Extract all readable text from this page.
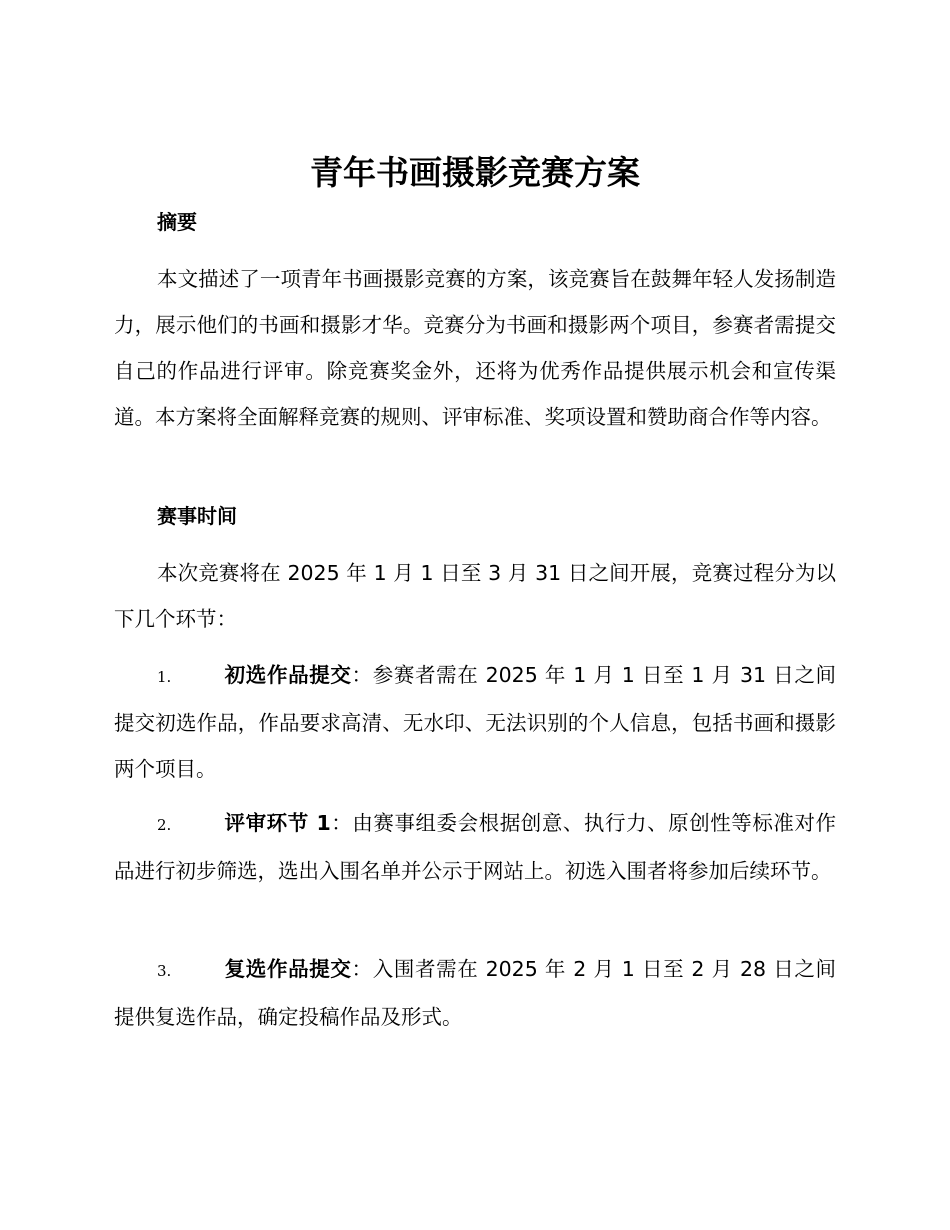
青年书画摄影竞赛方案
摘要

本文描述了一项青年书画摄影竞赛的方案，该竞赛旨在鼓舞年轻人发扬制造力，展示他们的书画和摄影才华。竞赛分为书画和摄影两个项目，参赛者需提交自己的作品进行评审。除竞赛奖金外，还将为优秀作品提供展示机会和宣传渠道。本方案将全面解释竞赛的规则、评审标准、奖项设置和赞助商合作等内容。

赛事时间

本次竞赛将在 2025 年 1 月 1 日至 3 月 31 日之间开展，竞赛过程分为以下几个环节：

1.	初选作品提交：参赛者需在 2025 年 1 月 1 日至 1 月 31 日之间提交初选作品，作品要求高清、无水印、无法识别的个人信息，包括书画和摄影两个项目。

2.	评审环节 1：由赛事组委会根据创意、执行力、原创性等标准对作品进行初步筛选，选出入围名单并公示于网站上。初选入围者将参加后续环节。

3.	复选作品提交：入围者需在 2025 年 2 月 1 日至 2 月 28 日之间提供复选作品，确定投稿作品及形式。
